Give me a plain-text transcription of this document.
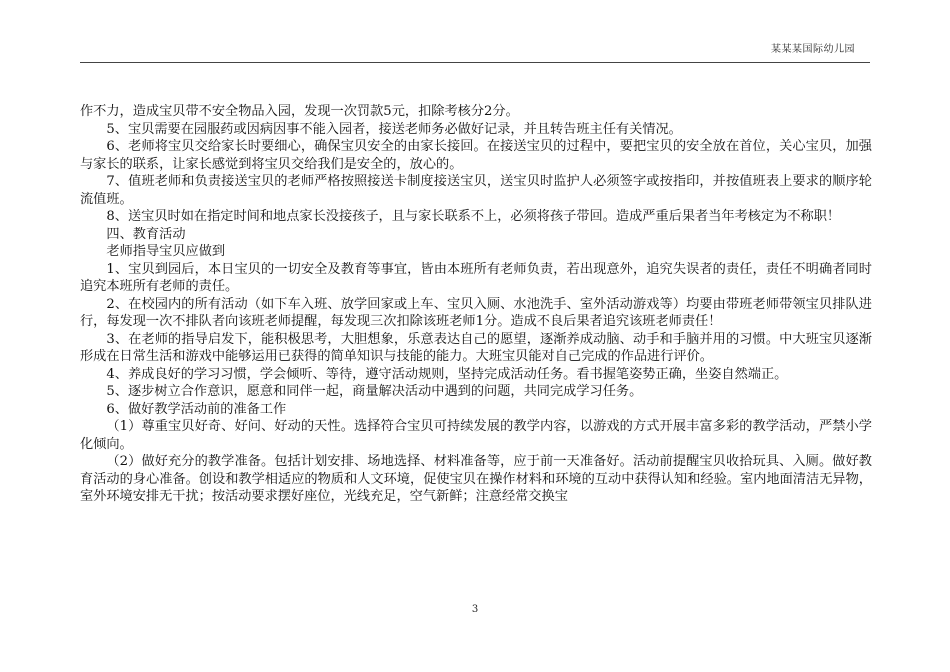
某某某国际幼儿园

作不力，造成宝贝带不安全物品入园，发现一次罚款5元，扣除考核分2分。

5、宝贝需要在园服药或因病因事不能入园者，接送老师务必做好记录，并且转告班主任有关情况。

6、老师将宝贝交给家长时要细心，确保宝贝安全的由家长接回。在接送宝贝的过程中，要把宝贝的安全放在首位，关心宝贝，加强与家长的联系，让家长感觉到将宝贝交给我们是安全的，放心的。

7、值班老师和负责接送宝贝的老师严格按照接送卡制度接送宝贝，送宝贝时监护人必须签字或按指印，并按值班表上要求的顺序轮流值班。

8、送宝贝时如在指定时间和地点家长没接孩子，且与家长联系不上，必须将孩子带回。造成严重后果者当年考核定为不称职！

四、教育活动

老师指导宝贝应做到

1、宝贝到园后，本日宝贝的一切安全及教育等事宜，皆由本班所有老师负责，若出现意外，追究失误者的责任，责任不明确者同时追究本班所有老师的责任。

2、在校园内的所有活动（如下车入班、放学回家或上车、宝贝入厕、水池洗手、室外活动游戏等）均要由带班老师带领宝贝排队进行，每发现一次不排队者向该班老师提醒，每发现三次扣除该班老师1分。造成不良后果者追究该班老师责任！

3、在老师的指导启发下，能积极思考，大胆想象，乐意表达自己的愿望，逐渐养成动脑、动手和手脑并用的习惯。中大班宝贝逐渐形成在日常生活和游戏中能够运用已获得的简单知识与技能的能力。大班宝贝能对自己完成的作品进行评价。

4、养成良好的学习习惯，学会倾听、等待，遵守活动规则，坚持完成活动任务。看书握笔姿势正确，坐姿自然端正。

5、逐步树立合作意识，愿意和同伴一起，商量解决活动中遇到的问题，共同完成学习任务。

6、做好教学活动前的准备工作

（1）尊重宝贝好奇、好问、好动的天性。选择符合宝贝可持续发展的教学内容，以游戏的方式开展丰富多彩的教学活动，严禁小学化倾向。

（2）做好充分的教学准备。包括计划安排、场地选择、材料准备等，应于前一天准备好。活动前提醒宝贝收拾玩具、入厕。做好教育活动的身心准备。创设和教学相适应的物质和人文环境，促使宝贝在操作材料和环境的互动中获得认知和经验。室内地面清洁无异物，室外环境安排无干扰；按活动要求摆好座位，光线充足，空气新鲜；注意经常交换宝

3
